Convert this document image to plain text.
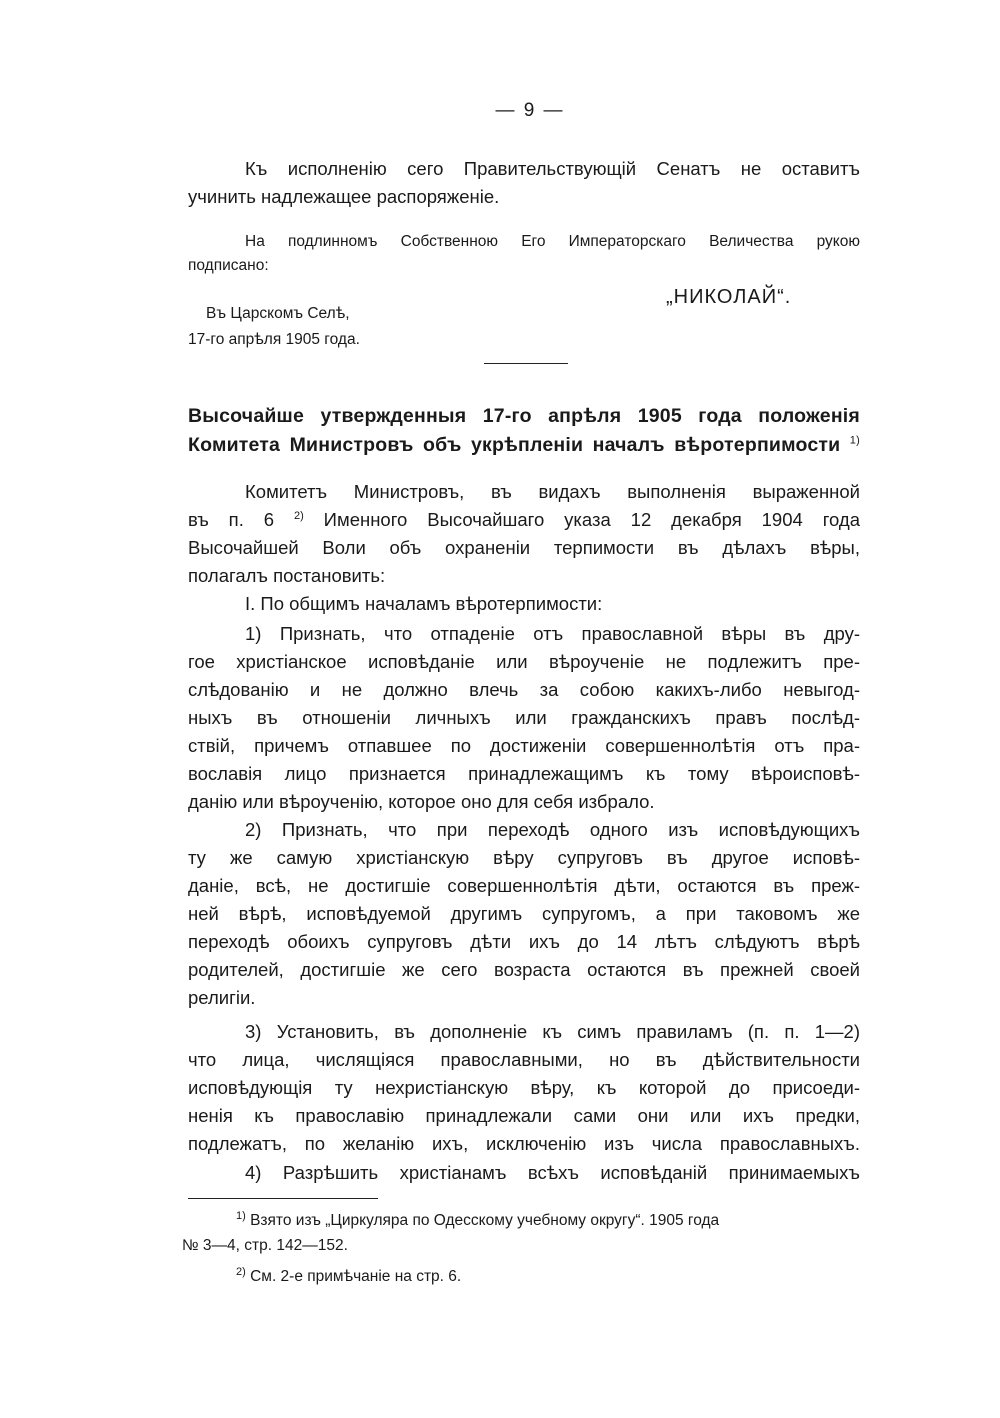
— 9 —
Къ исполненію сего Правительствующій Сенатъ не оставитъ
учинить надлежащее распоряженіе.
На подлинномъ Собственною Его Императорскаго Величества рукою
подписано:
„НИКОЛАЙ“.
Въ Царскомъ Селѣ,
17-го апрѣля 1905 года.
Высочайше утвержденныя 17-го апрѣля 1905 года положенія
Комитета Министровъ объ укрѣпленіи началъ вѣротерпимости $^{1)}$
Комитетъ Министровъ, въ видахъ выполненія выраженной
въ п. 6 $^{2)}$ Именного Высочайшаго указа 12 декабря 1904 года
Высочайшей Воли объ охраненіи терпимости въ дѣлахъ вѣры,
полагалъ постановить:
I. По общимъ началамъ вѣротерпимости:
1) Признать, что отпаденіе отъ православной вѣры въ дру-
гое христіанское исповѣданіе или вѣроученіе не подлежитъ пре-
слѣдованію и не должно влечь за собою какихъ-либо невыгод-
ныхъ въ отношеніи личныхъ или гражданскихъ правъ послѣд-
ствій, причемъ отпавшее по достиженіи совершеннолѣтія отъ пра-
вославія лицо признается принадлежащимъ къ тому вѣроисповѣ-
данію или вѣроученію, которое оно для себя избрало.
2) Признать, что при переходѣ одного изъ исповѣдующихъ
ту же самую христіанскую вѣру супруговъ въ другое исповѣ-
даніе, всѣ, не достигшіе совершеннолѣтія дѣти, остаются въ преж-
ней вѣрѣ, исповѣдуемой другимъ супругомъ, а при таковомъ же
переходѣ обоихъ супруговъ дѣти ихъ до 14 лѣтъ слѣдуютъ вѣрѣ
родителей, достигшіе же сего возраста остаются въ прежней своей
религіи.
3) Установить, въ дополненіе къ симъ правиламъ (п. п. 1—2)
что лица, числящіяся православными, но въ дѣйствительности
исповѣдующія ту нехристіанскую вѣру, къ которой до присоеди-
ненія къ православію принадлежали сами они или ихъ предки,
подлежатъ, по желанію ихъ, исключенію изъ числа православныхъ.
4) Разрѣшить христіанамъ всѣхъ исповѣданій принимаемыхъ
$^{1)}$ Взято изъ „Циркуляра по Одесскому учебному округу“. 1905 года
№ 3—4, стр. 142—152.
$^{2)}$ См. 2-е примѣчаніе на стр. 6.
